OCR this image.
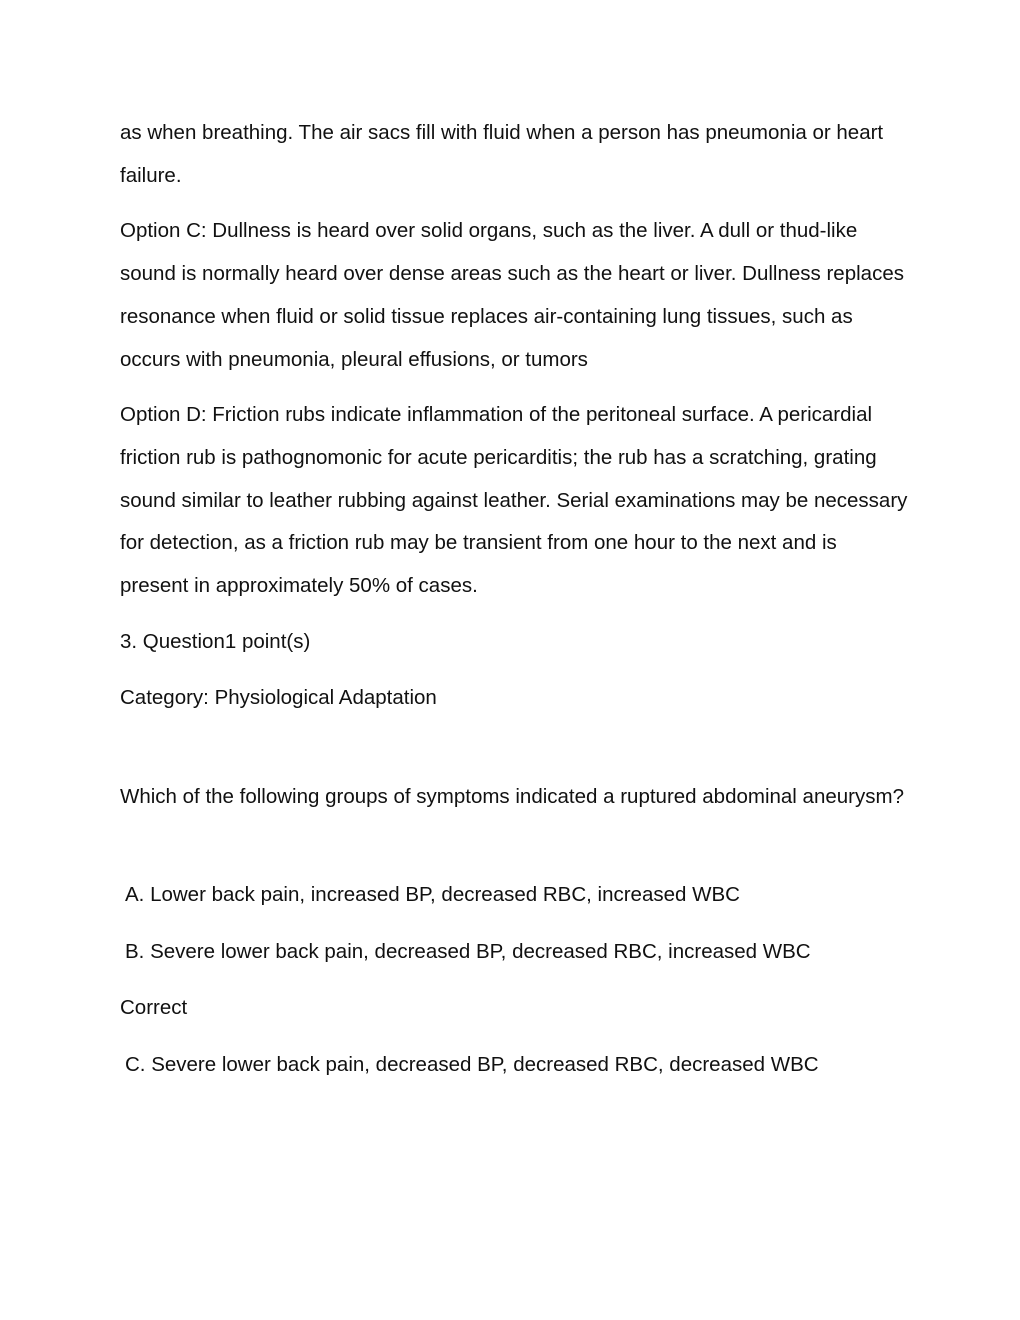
as when breathing. The air sacs fill with fluid when a person has pneumonia or heart failure.

Option C: Dullness is heard over solid organs, such as the liver. A dull or thud-like sound is normally heard over dense areas such as the heart or liver. Dullness replaces resonance when fluid or solid tissue replaces air-containing lung tissues, such as occurs with pneumonia, pleural effusions, or tumors

Option D: Friction rubs indicate inflammation of the peritoneal surface. A pericardial friction rub is pathognomonic for acute pericarditis; the rub has a scratching, grating sound similar to leather rubbing against leather. Serial examinations may be necessary for detection, as a friction rub may be transient from one hour to the next and is present in approximately 50% of cases.

3. Question1 point(s)

Category: Physiological Adaptation

Which of the following groups of symptoms indicated a ruptured abdominal aneurysm?

A. Lower back pain, increased BP, decreased RBC, increased WBC

B. Severe lower back pain, decreased BP, decreased RBC, increased WBC

Correct

C. Severe lower back pain, decreased BP, decreased RBC, decreased WBC
